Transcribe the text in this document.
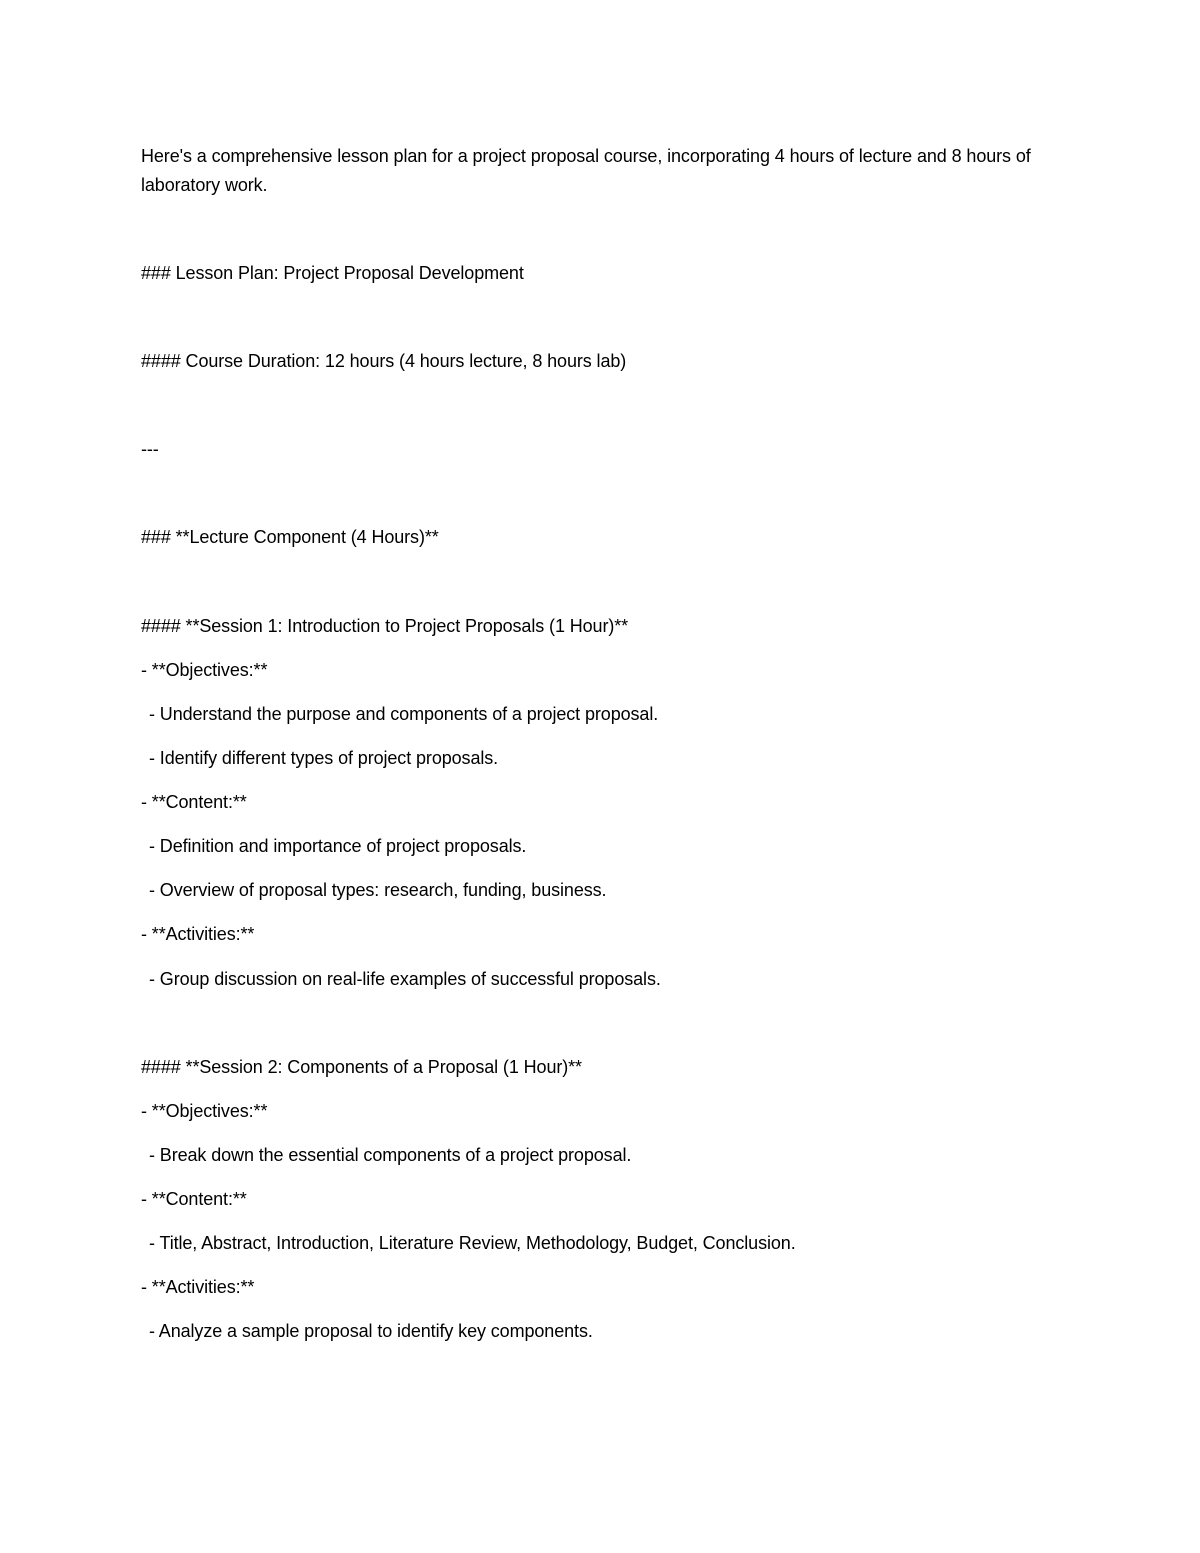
Here's a comprehensive lesson plan for a project proposal course, incorporating 4 hours of lecture and 8 hours of laboratory work.
### Lesson Plan: Project Proposal Development
#### Course Duration: 12 hours (4 hours lecture, 8 hours lab)
---
### **Lecture Component (4 Hours)**
#### **Session 1: Introduction to Project Proposals (1 Hour)**
- **Objectives:**
- Understand the purpose and components of a project proposal.
- Identify different types of project proposals.
- **Content:**
- Definition and importance of project proposals.
- Overview of proposal types: research, funding, business.
- **Activities:**
- Group discussion on real-life examples of successful proposals.
#### **Session 2: Components of a Proposal (1 Hour)**
- **Objectives:**
- Break down the essential components of a project proposal.
- **Content:**
- Title, Abstract, Introduction, Literature Review, Methodology, Budget, Conclusion.
- **Activities:**
- Analyze a sample proposal to identify key components.
